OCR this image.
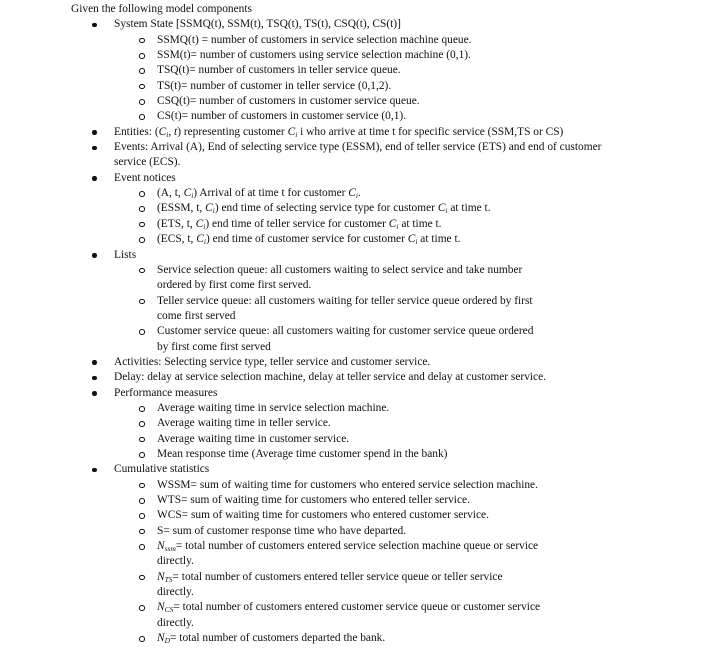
Given the following model components
System State [SSMQ(t), SSM(t), TSQ(t), TS(t), CSQ(t), CS(t)]
SSMQ(t) = number of customers in service selection machine queue.
SSM(t)= number of customers using service selection machine (0,1).
TSQ(t)= number of customers in teller service queue.
TS(t)= number of customer in teller service (0,1,2).
CSQ(t)= number of customers in customer service queue.
CS(t)= number of customers in customer service (0,1).
Entities: ($C_i$, t) representing customer $C_i$ i who arrive at time t for specific service (SSM,TS or CS)
Events: Arrival (A), End of selecting service type (ESSM), end of teller service (ETS) and end of customer service (ECS).
Event notices
(A, t, $C_i$) Arrival of at time t for customer $C_i$.
(ESSM, t, $C_i$) end time of selecting service type for customer $C_i$ at time t.
(ETS, t, $C_i$) end time of teller service for customer $C_i$ at time t.
(ECS, t, $C_i$) end time of customer service for customer $C_i$ at time t.
Lists
Service selection queue: all customers waiting to select service and take number ordered by first come first served.
Teller service queue: all customers waiting for teller service queue ordered by first come first served
Customer service queue: all customers waiting for customer service queue ordered by first come first served
Activities: Selecting service type, teller service and customer service.
Delay: delay at service selection machine, delay at teller service and delay at customer service.
Performance measures
Average waiting time in service selection machine.
Average waiting time in teller service.
Average waiting time in customer service.
Mean response time (Average time customer spend in the bank)
Cumulative statistics
WSSM= sum of waiting time for customers who entered service selection machine.
WTS= sum of waiting time for customers who entered teller service.
WCS= sum of waiting time for customers who entered customer service.
S= sum of customer response time who have departed.
$N_{ssm}=$ total number of customers entered service selection machine queue or service directly.
$N_{TS}=$ total number of customers entered teller service queue or teller service directly.
$N_{CS}=$ total number of customers entered customer service queue or customer service directly.
$N_D=$ total number of customers departed the bank.
